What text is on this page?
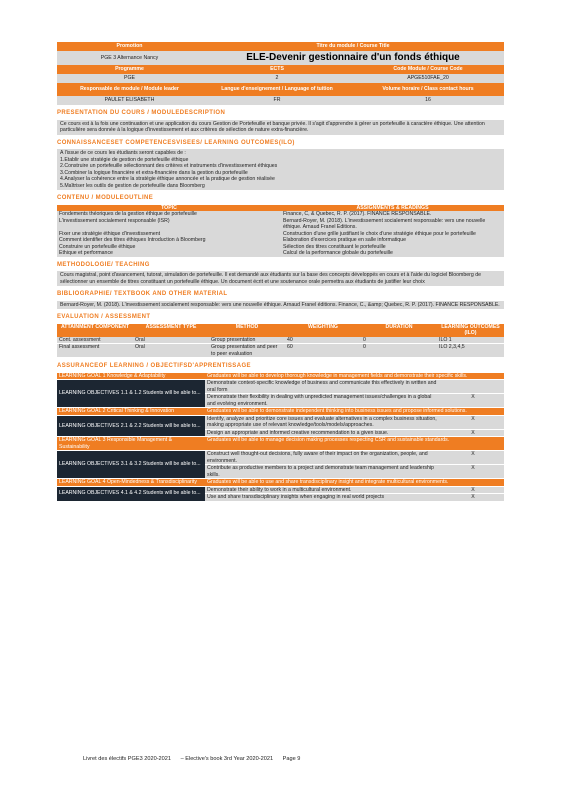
Promotion	Titre du module / Course Title
PGE 3 Alternance Nancy	ELE-Devenir gestionnaire d'un fonds éthique
Programme	ECTS	Code Module / Course Code
PGE	2	APGE510FAE_20
Responsable de module / Module leader	Langue d'enseignement / Language of tuition	Volume horaire / Class contact hours
PAULET ELISABETH	FR	16
PRESENTATION DU COURS / MODULEDESCRIPTION
Ce cours est à la fois une continuation et une application du cours Gestion de Portefeuille et banque privée. Il s'agit d'apprendre à gérer un portefeuille à caractère éthique. Une attention particulière sera donnée à la logique d'investissement et aux critères de sélection de nature extra-financière.
CONNAISSANCESET COMPETENCESVISEES/ LEARNING OUTCOMES(ILO)
A l'issue de ce cours les étudiants seront capables de :
1.Etablir une stratégie de gestion de portefeuille éthique
2.Construire un portefeuille sélectionnant des critères et instruments d'investissement éthiques
3.Combiner la logique financière et extra-financière dans la gestion du portefeuille
4.Analyser la cohérence entre la stratégie éthique annoncée et la pratique de gestion réalisée
5.Maîtriser les outils de gestion de portefeuille dans Bloomberg
CONTENU / MODULEOUTLINE
TOPIC	ASSIGNMENTS & READINGS
Fondements théoriques de la gestion éthique de portefeuille	Finance, C, & Quebec, R. P. (2017). FINANCE RESPONSABLE.
L'investissement socialement responsable (ISR)	Bernard-Royer, M. (2018). L'investissement socialement responsable: vers une nouvelle éthique. Arnaud Franel Editions.
Fixer une stratégie éthique d'investissement	Construction d'une grille justifiant le choix d'une stratégie éthique pour le portefeuille
Comment identifier des titres éthiques Introduction à Bloomberg	Elaboration d'exercices pratique en salle informatique
Construire un portefeuille éthique	Sélection des titres constituant le portefeuille
Ethique et performance	Calcul de la performance globale du portefeuille
METHODOLOGIE/ TEACHING
Cours magistral, point d'avancement, tutorat, simulation de portefeuille. Il est demandé aux étudiants sur la base des concepts développés en cours et à l'aide du logiciel Bloomberg de sélectionner un ensemble de titres constituant un portefeuille éthique. Un document écrit et une soutenance orale permettra aux étudiants de justifier leur choix
BIBLIOGRAPHIE/ TEXTBOOK AND OTHER MATERIAL
Bernard-Royer, M. (2018). L'investissement socialement responsable: vers une nouvelle éthique. Arnaud Franel éditions. Finance, C., &amp; Quebec, R. P. (2017). FINANCE RESPONSABLE.
EVALUATION / ASSESSMENT
ATTAINMENT COMPONENT	ASSESSMENT TYPE	METHOD	WEIGHTING	DURATION	LEARNING OUTCOMES (ILO)
Cont. assessment	Oral	Group presentation	40	0	ILO 1
Final assessment	Oral	Group presentation and peer to peer evaluation	60	0	ILO 2,3,4,5
ASSURANCEOF LEARNING / OBJECTIFSD'APPRENTISSAGE
LEARNING GOAL 1 Knowledge & Adaptability	Graduates will be able to develop thorough knowledge in management fields and demonstrate their specific skills.	
LEARNING OBJECTIVES 1.1 & 1.2 Students will be able to...	Demonstrate context-specific knowledge of business and communicate this effectively in written and oral form	
	Demonstrate their flexibility in dealing with unpredicted management issues/challenges in a global and evolving environment.	X
LEARNING GOAL 2 Critical Thinking & Innovation	Graduates will be able to demonstrate independent thinking into business issues and propose informed solutions.	
LEARNING OBJECTIVES 2.1 & 2.2 Students will be able to...	Identify, analyze and prioritize core issues and evaluate alternatives in a complex business situation, making appropriate use of relevant knowledge/tools/models/approaches.	X
	Design an appropriate and informed creative recommendation to a given issue.	X
LEARNING GOAL 3 Responsible Management & Sustainability	Graduates will be able to manage decision making processes respecting CSR and sustainable standards.	
LEARNING OBJECTIVES 3.1 & 3.2 Students will be able to...	Construct well thought-out decisions, fully aware of their impact on the organization, people, and environment.	X
	Contribute as productive members to a project and demonstrate team management and leadership skills.	X
LEARNING GOAL 4 Open-Mindedness & Transdisciplinarity	Graduates will be able to use and share transdisciplinary insight and integrate multicultural environments.	
LEARNING OBJECTIVES 4.1 & 4.2 Students will be able to...	Demonstrate their ability to work in a multicultural environment.	X
	Use and share transdisciplinary insights when engaging in real world projects	X
Livret des électifs PGE3 2020-2021 – Elective's book 3rd Year 2020-2021 Page 9
